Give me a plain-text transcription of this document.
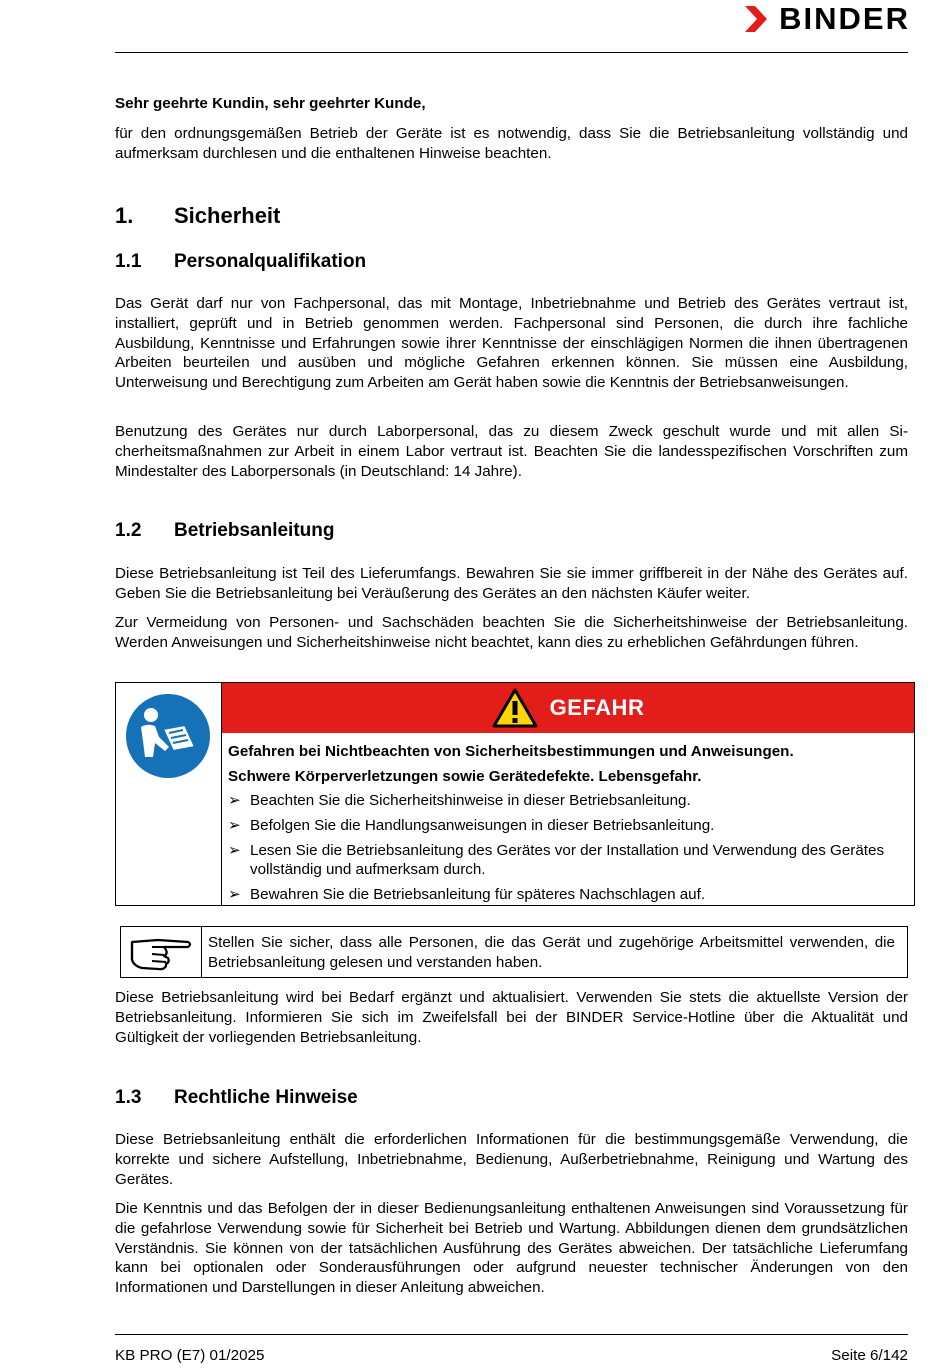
BINDER

Sehr geehrte Kundin, sehr geehrter Kunde,

für den ordnungsgemäßen Betrieb der Geräte ist es notwendig, dass Sie die Betriebsanleitung vollständig und aufmerksam durchlesen und die enthaltenen Hinweise beachten.

1. Sicherheit
1.1 Personalqualifikation

Das Gerät darf nur von Fachpersonal, das mit Montage, Inbetriebnahme und Betrieb des Gerätes vertraut ist, installiert, geprüft und in Betrieb genommen werden. Fachpersonal sind Personen, die durch ihre fachliche Ausbildung, Kenntnisse und Erfahrungen sowie ihrer Kenntnisse der einschlägigen Normen die ihnen übertragenen Arbeiten beurteilen und ausüben und mögliche Gefahren erkennen können. Sie müssen eine Ausbildung, Unterweisung und Berechtigung zum Arbeiten am Gerät haben sowie die Kenntnis der Betriebsanweisungen.

Benutzung des Gerätes nur durch Laborpersonal, das zu diesem Zweck geschult wurde und mit allen Sicherheitsmaßnahmen zur Arbeit in einem Labor vertraut ist. Beachten Sie die landesspezifischen Vorschriften zum Mindestalter des Laborpersonals (in Deutschland: 14 Jahre).

1.2 Betriebsanleitung

Diese Betriebsanleitung ist Teil des Lieferumfangs. Bewahren Sie sie immer griffbereit in der Nähe des Gerätes auf. Geben Sie die Betriebsanleitung bei Veräußerung des Gerätes an den nächsten Käufer weiter.

Zur Vermeidung von Personen- und Sachschäden beachten Sie die Sicherheitshinweise der Betriebsanleitung. Werden Anweisungen und Sicherheitshinweise nicht beachtet, kann dies zu erheblichen Gefährdungen führen.

GEFAHR
Gefahren bei Nichtbeachten von Sicherheitsbestimmungen und Anweisungen.
Schwere Körperverletzungen sowie Gerätedefekte. Lebensgefahr.
➢ Beachten Sie die Sicherheitshinweise in dieser Betriebsanleitung.
➢ Befolgen Sie die Handlungsanweisungen in dieser Betriebsanleitung.
➢ Lesen Sie die Betriebsanleitung des Gerätes vor der Installation und Verwendung des Gerätes vollständig und aufmerksam durch.
➢ Bewahren Sie die Betriebsanleitung für späteres Nachschlagen auf.
Stellen Sie sicher, dass alle Personen, die das Gerät und zugehörige Arbeitsmittel verwenden, die Betriebsanleitung gelesen und verstanden haben.

Diese Betriebsanleitung wird bei Bedarf ergänzt und aktualisiert. Verwenden Sie stets die aktuellste Version der Betriebsanleitung. Informieren Sie sich im Zweifelsfall bei der BINDER Service-Hotline über die Aktualität und Gültigkeit der vorliegenden Betriebsanleitung.

1.3 Rechtliche Hinweise

Diese Betriebsanleitung enthält die erforderlichen Informationen für die bestimmungsgemäße Verwendung, die korrekte und sichere Aufstellung, Inbetriebnahme, Bedienung, Außerbetriebnahme, Reinigung und Wartung des Gerätes.

Die Kenntnis und das Befolgen der in dieser Bedienungsanleitung enthaltenen Anweisungen sind Voraussetzung für die gefahrlose Verwendung sowie für Sicherheit bei Betrieb und Wartung. Abbildungen dienen dem grundsätzlichen Verständnis. Sie können von der tatsächlichen Ausführung des Gerätes abweichen. Der tatsächliche Lieferumfang kann bei optionalen oder Sonderausführungen oder aufgrund neuester technischer Änderungen von den Informationen und Darstellungen in dieser Anleitung abweichen.

KB PRO (E7) 01/2025	Seite 6/142
